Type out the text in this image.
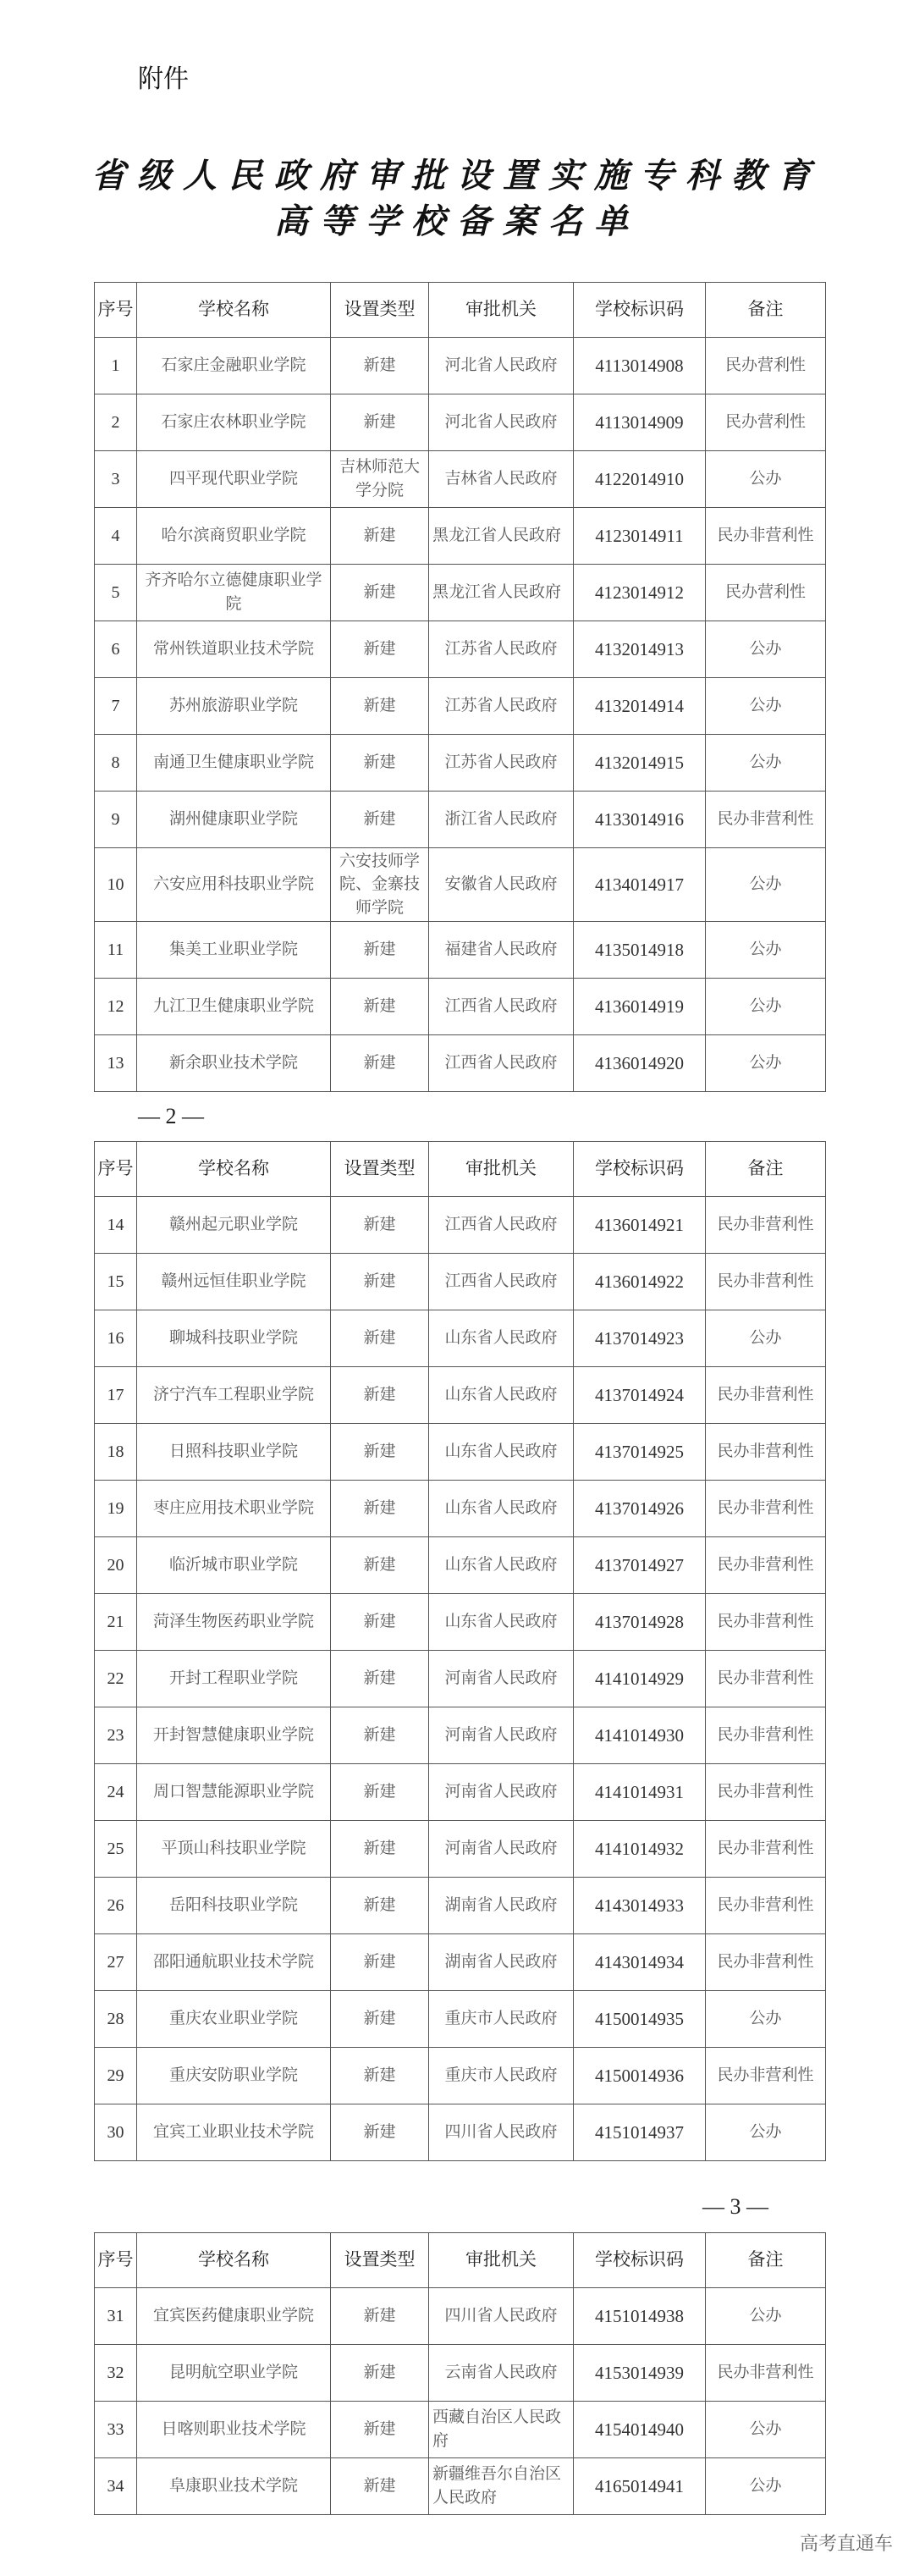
附件
省级人民政府审批设置实施专科教育
高等学校备案名单
序号	学校名称	设置类型	审批机关	学校标识码	备注
1	石家庄金融职业学院	新建	河北省人民政府	4113014908	民办营利性
2	石家庄农林职业学院	新建	河北省人民政府	4113014909	民办营利性
3	四平现代职业学院	吉林师范大学分院	吉林省人民政府	4122014910	公办
4	哈尔滨商贸职业学院	新建	黑龙江省人民政府	4123014911	民办非营利性
5	齐齐哈尔立德健康职业学院	新建	黑龙江省人民政府	4123014912	民办营利性
6	常州铁道职业技术学院	新建	江苏省人民政府	4132014913	公办
7	苏州旅游职业学院	新建	江苏省人民政府	4132014914	公办
8	南通卫生健康职业学院	新建	江苏省人民政府	4132014915	公办
9	湖州健康职业学院	新建	浙江省人民政府	4133014916	民办非营利性
10	六安应用科技职业学院	六安技师学院、金寨技师学院	安徽省人民政府	4134014917	公办
11	集美工业职业学院	新建	福建省人民政府	4135014918	公办
12	九江卫生健康职业学院	新建	江西省人民政府	4136014919	公办
13	新余职业技术学院	新建	江西省人民政府	4136014920	公办
— 2 —
序号	学校名称	设置类型	审批机关	学校标识码	备注
14	赣州起元职业学院	新建	江西省人民政府	4136014921	民办非营利性
15	赣州远恒佳职业学院	新建	江西省人民政府	4136014922	民办非营利性
16	聊城科技职业学院	新建	山东省人民政府	4137014923	公办
17	济宁汽车工程职业学院	新建	山东省人民政府	4137014924	民办非营利性
18	日照科技职业学院	新建	山东省人民政府	4137014925	民办非营利性
19	枣庄应用技术职业学院	新建	山东省人民政府	4137014926	民办非营利性
20	临沂城市职业学院	新建	山东省人民政府	4137014927	民办非营利性
21	菏泽生物医药职业学院	新建	山东省人民政府	4137014928	民办非营利性
22	开封工程职业学院	新建	河南省人民政府	4141014929	民办非营利性
23	开封智慧健康职业学院	新建	河南省人民政府	4141014930	民办非营利性
24	周口智慧能源职业学院	新建	河南省人民政府	4141014931	民办非营利性
25	平顶山科技职业学院	新建	河南省人民政府	4141014932	民办非营利性
26	岳阳科技职业学院	新建	湖南省人民政府	4143014933	民办非营利性
27	邵阳通航职业技术学院	新建	湖南省人民政府	4143014934	民办非营利性
28	重庆农业职业学院	新建	重庆市人民政府	4150014935	公办
29	重庆安防职业学院	新建	重庆市人民政府	4150014936	民办非营利性
30	宜宾工业职业技术学院	新建	四川省人民政府	4151014937	公办
— 3 —
序号	学校名称	设置类型	审批机关	学校标识码	备注
31	宜宾医药健康职业学院	新建	四川省人民政府	4151014938	公办
32	昆明航空职业学院	新建	云南省人民政府	4153014939	民办非营利性
33	日喀则职业技术学院	新建	西藏自治区人民政府	4154014940	公办
34	阜康职业技术学院	新建	新疆维吾尔自治区人民政府	4165014941	公办
高考直通车
